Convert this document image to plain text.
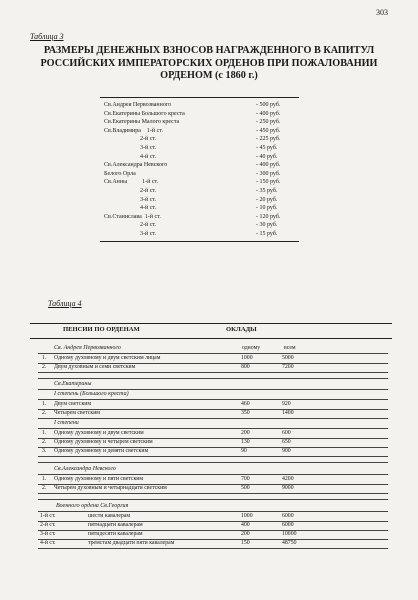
303
Таблица 3
РАЗМЕРЫ ДЕНЕЖНЫХ ВЗНОСОВ НАГРАЖДЕННОГО В КАПИТУЛ
РОССИЙСКИХ ИМПЕРАТОРСКИХ ОРДЕНОВ ПРИ ПОЖАЛОВАНИИ
ОРДЕНОМ (с 1860 г.)
Св.Андрея Первозванного	- 500 руб.
Св.Екатерины Большого креста	- 400 руб.
Св.Екатерины Малого креста	- 250 руб.
Св.Владимира    1-й ст.	- 450 руб.
2-й ст.	- 225 руб.
3-й ст.	- 45 руб.
4-й ст.	- 40 руб.
Св.Александра Невского	- 400 руб.
Белого Орла	- 300 руб.
Св.Анны          1-й ст.	- 150 руб.
2-й ст.	- 35 руб.
3-й ст.	- 20 руб.
4-й ст.	- 10 руб.
Св.Станислава  1-й ст.	- 120 руб.
2-й ст.	- 30 руб.
3-й ст.	- 15 руб.
Таблица 4
ПЕНСИИ ПО ОРДЕНАМ	ОКЛАДЫ
Св. Андрея Первозванного	одному	всем
1. Одному духовному и двум светским лицам	1000	5000
2. Двум духовным и семи светским	800	7200
Св.Екатерины
I степень (Большого креста)
1. Двум светским	460	920
2. Четырем светским	350	1400
I степени
1. Одному духовному и двум светским	200	600
2. Одному духовному и четырем светским	130	650
3. Одному духовному и девяти светским	90	900
Св.Александра Невского
1. Одному духовному и пяти светским	700	4200
2. Четырем духовным и четырнадцати светским	500	9000
Военного ордена Св.Георгия
1-й ст.	шести кавалерам	1000	6000
2-й ст.	пятнадцати кавалерам	400	6000
3-й ст.	пятидесяти кавалерам	200	10000
4-й ст.	тремстам двадцати пяти кавалерам	150	48750
